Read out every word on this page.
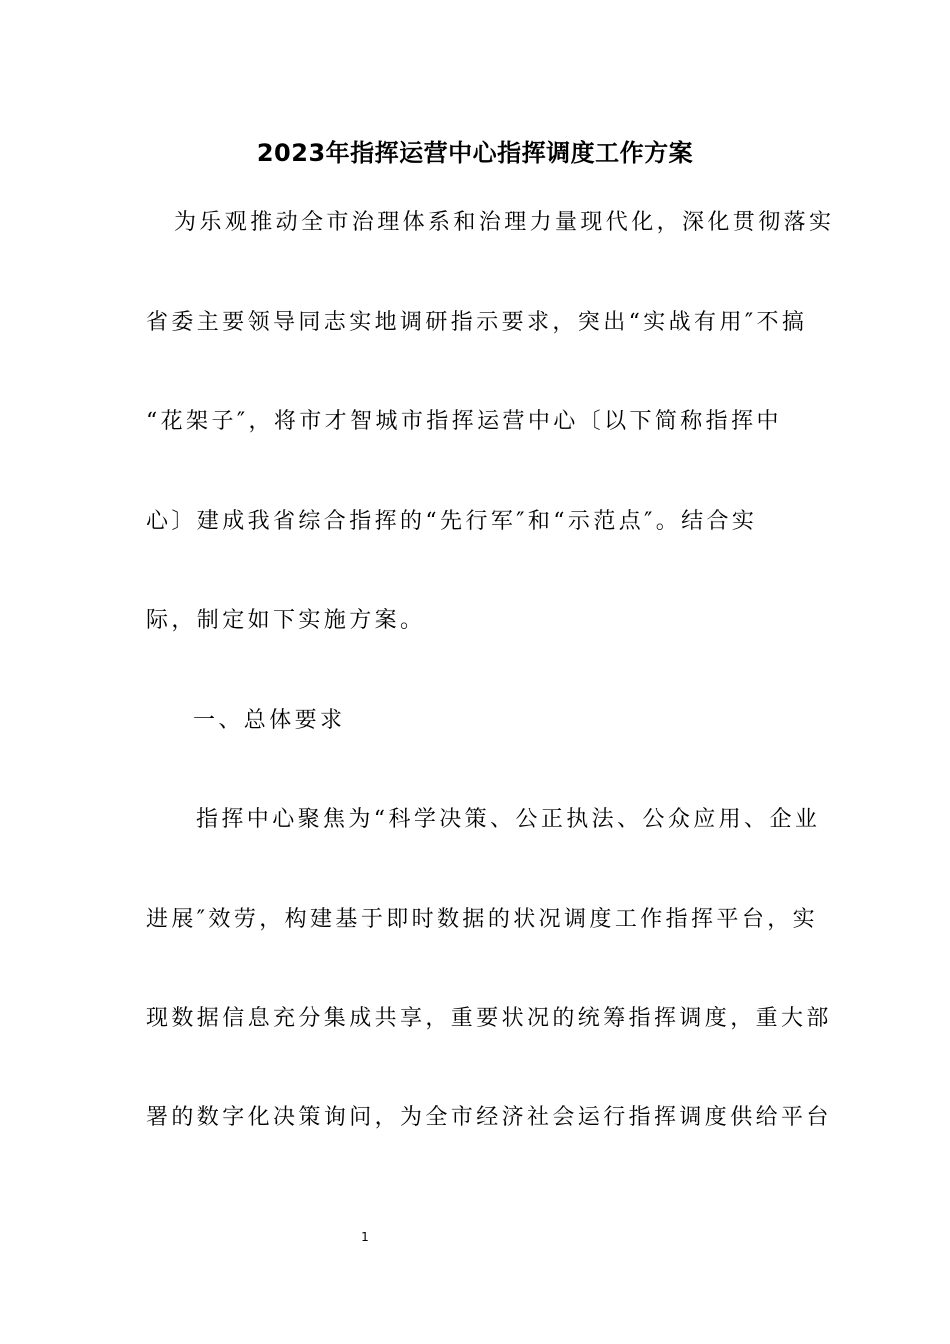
2023年指挥运营中心指挥调度工作方案
为乐观推动全市治理体系和治理力量现代化，深化贯彻落实
省委主要领导同志实地调研指示要求，突出“实战有用″不搞
“花架子″，将市才智城市指挥运营中心〔以下简称指挥中
心〕建成我省综合指挥的“先行军″和“示范点″。结合实
际，制定如下实施方案。
一、总体要求
指挥中心聚焦为“科学决策、公正执法、公众应用、企业
进展″效劳，构建基于即时数据的状况调度工作指挥平台，实
现数据信息充分集成共享，重要状况的统筹指挥调度，重大部
署的数字化决策询问，为全市经济社会运行指挥调度供给平台
1
